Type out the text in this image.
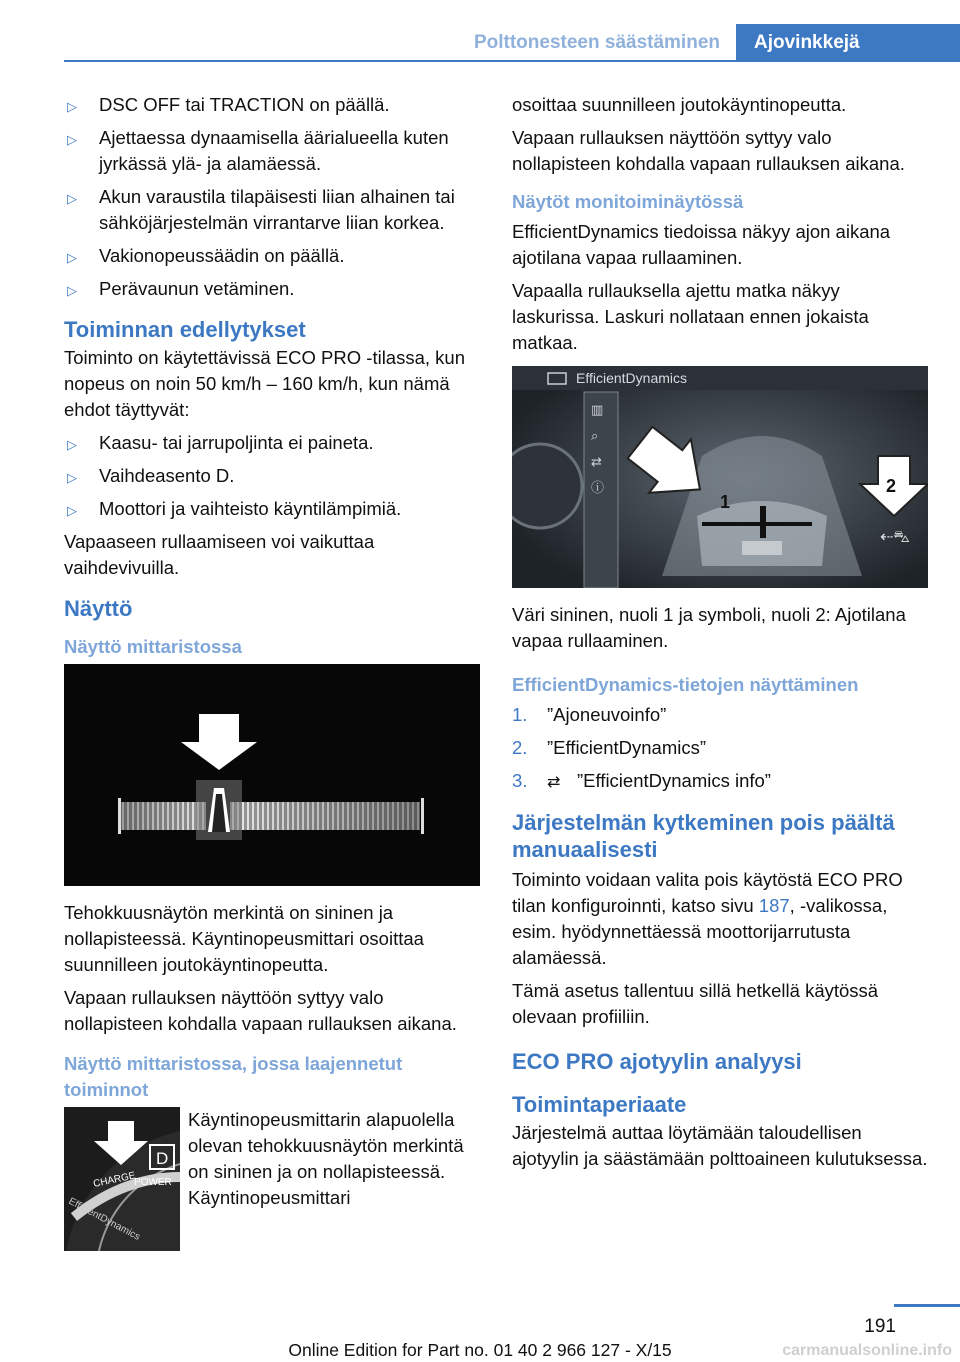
Polttonesteen säästäminen	Ajovinkkejä
▷ DSC OFF tai TRACTION on päällä.
▷ Ajettaessa dynaamisella äärialueella kuten jyrkässä ylä- ja alamäessä.
▷ Akun varaustila tilapäisesti liian alhainen tai sähköjärjestelmän virrantarve liian korkea.
▷ Vakionopeussäädin on päällä.
▷ Perävaunun vetäminen.
Toiminnan edellytykset
Toiminto on käytettävissä ECO PRO -tilassa, kun nopeus on noin 50 km/h – 160 km/h, kun nämä ehdot täyttyvät:
▷ Kaasu- tai jarrupoljinta ei paineta.
▷ Vaihdeasento D.
▷ Moottori ja vaihteisto käyntilämpimiä.
Vapaaseen rullaamiseen voi vaikuttaa vaihdevivuilla.
Näyttö
Näyttö mittaristossa
Tehokkuusnäytön merkintä on sininen ja nollapisteessä. Käyntinopeusmittari osoittaa suunnilleen joutokäyntinopeutta.
Vapaan rullauksen näyttöön syttyy valo nollapisteen kohdalla vapaan rullauksen aikana.
Näyttö mittaristossa, jossa laajennetut toiminnot
D
CHARGE
POWER
EfficientDynamics
Käyntinopeusmittarin alapuolella olevan tehokkuusnäytön merkintä on sininen ja on nollapisteessä. Käyntinopeusmittari
osoittaa suunnilleen joutokäyntinopeutta.
Vapaan rullauksen näyttöön syttyy valo nollapisteen kohdalla vapaan rullauksen aikana.
Näytöt monitoiminäytössä
EfficientDynamics tiedoissa näkyy ajon aikana ajotilana vapaa rullaaminen.
Vapaalla rullauksella ajettu matka näkyy laskurissa. Laskuri nollataan ennen jokaista matkaa.
EfficientDynamics
▥
⌕
⇄
ⓘ
1
2
⇠⛍
Väri sininen, nuoli 1 ja symboli, nuoli 2: Ajotilana vapaa rullaaminen.
EfficientDynamics-tietojen näyttäminen
1. ”Ajoneuvoinfo”
2. ”EfficientDynamics”
3. ⇄ ”EfficientDynamics info”
Järjestelmän kytkeminen pois päältä manuaalisesti
Toiminto voidaan valita pois käytöstä ECO PRO tilan konfiguroinnti, katso sivu 187, -valikossa, esim. hyödynnettäessä moottorijarrutusta alamäessä.
Tämä asetus tallentuu sillä hetkellä käytössä olevaan profiiliin.
ECO PRO ajotyylin analyysi
Toimintaperiaate
Järjestelmä auttaa löytämään taloudellisen ajotyylin ja säästämään polttoaineen kulutuksessa.
191
Online Edition for Part no. 01 40 2 966 127 - X/15	carmanualsonline.info
